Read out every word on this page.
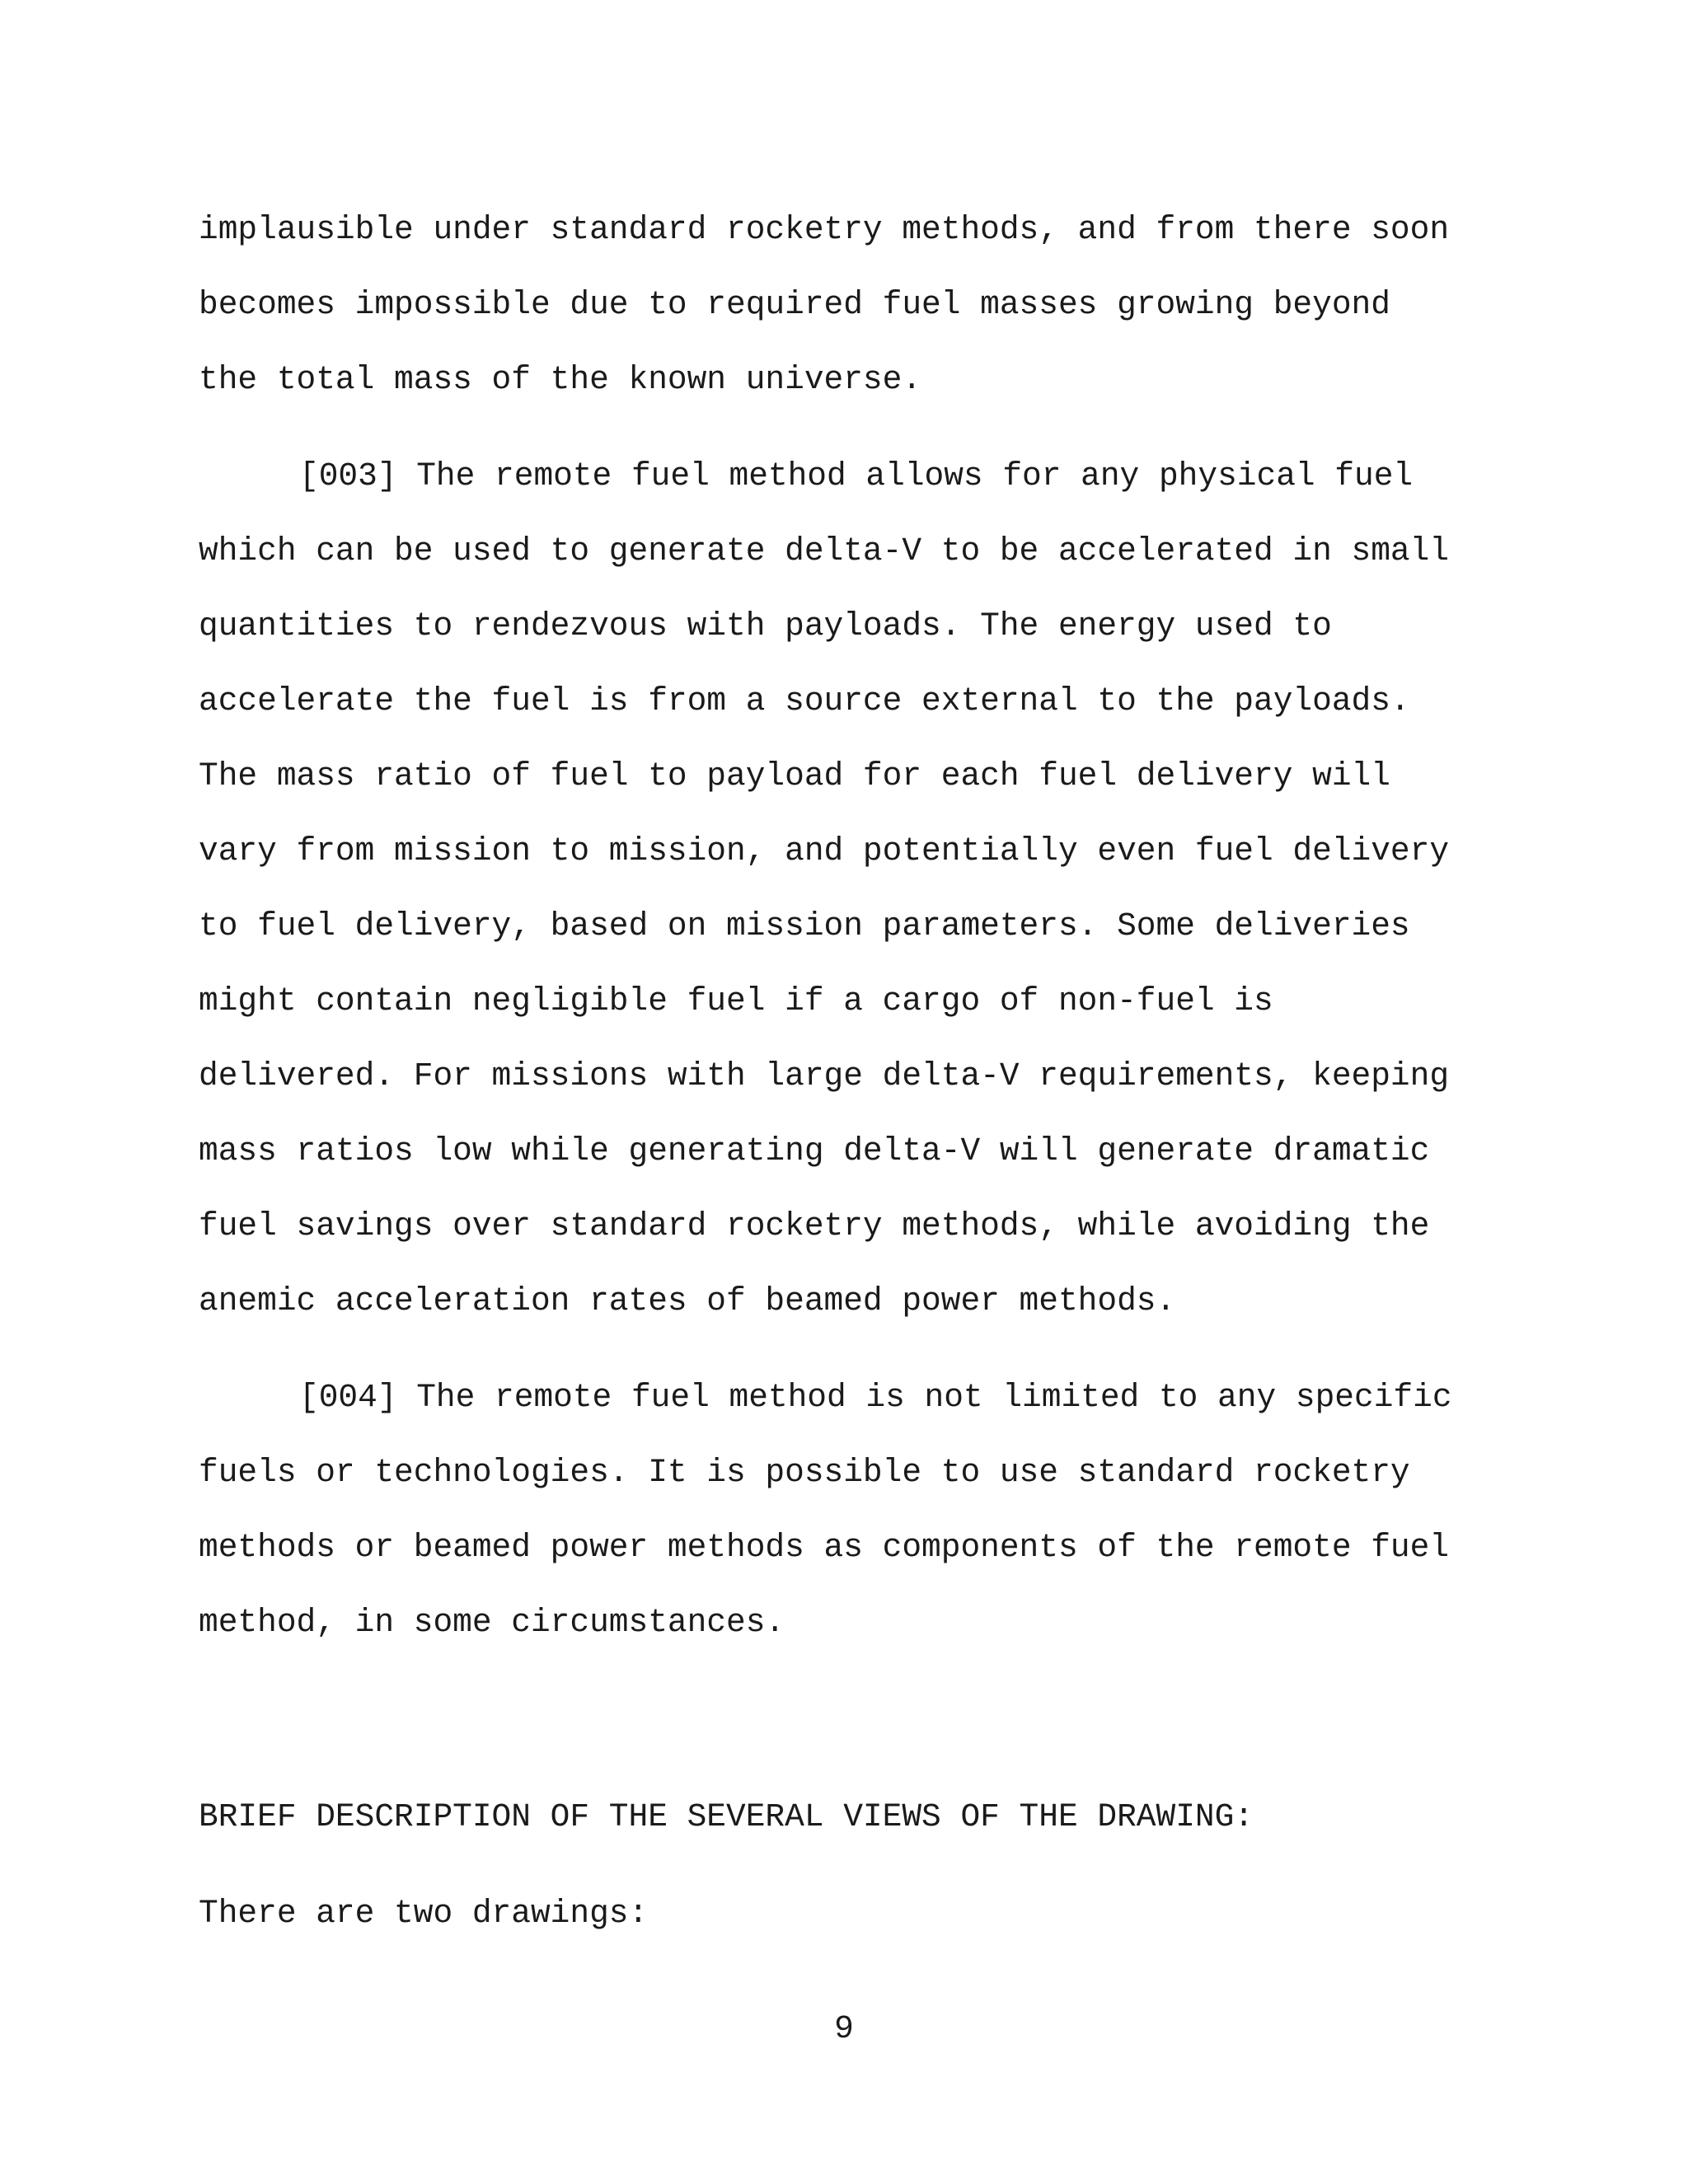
implausible under standard rocketry methods, and from there soon
becomes impossible due to required fuel masses growing beyond
the total mass of the known universe.
[003] The remote fuel method allows for any physical fuel
which can be used to generate delta-V to be accelerated in small
quantities to rendezvous with payloads. The energy used to
accelerate the fuel is from a source external to the payloads.
The mass ratio of fuel to payload for each fuel delivery will
vary from mission to mission, and potentially even fuel delivery
to fuel delivery, based on mission parameters. Some deliveries
might contain negligible fuel if a cargo of non-fuel is
delivered. For missions with large delta-V requirements, keeping
mass ratios low while generating delta-V will generate dramatic
fuel savings over standard rocketry methods, while avoiding the
anemic acceleration rates of beamed power methods.
[004] The remote fuel method is not limited to any specific
fuels or technologies. It is possible to use standard rocketry
methods or beamed power methods as components of the remote fuel
method, in some circumstances.
BRIEF DESCRIPTION OF THE SEVERAL VIEWS OF THE DRAWING:
There are two drawings:
9
